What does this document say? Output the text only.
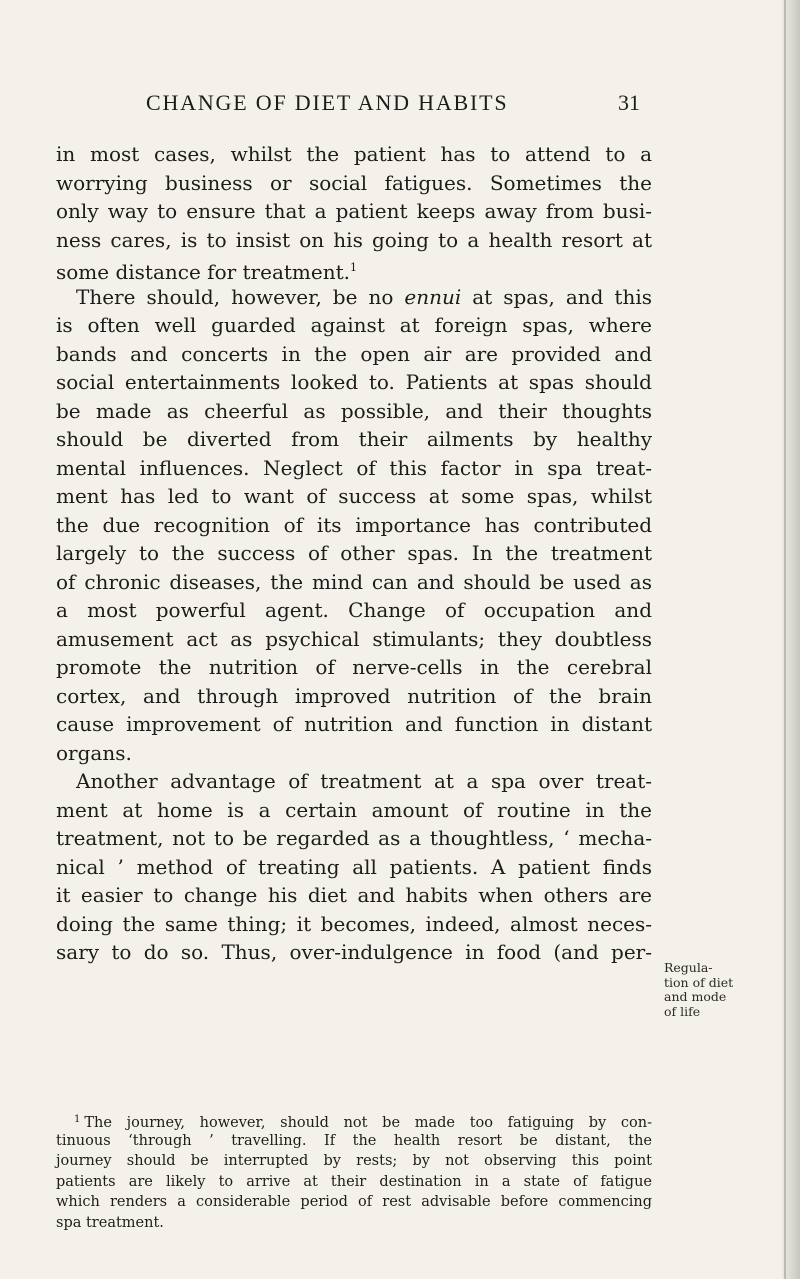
CHANGE OF DIET AND HABITS	31
in most cases, whilst the patient has to attend to a
worrying business or social fatigues. Sometimes the
only way to ensure that a patient keeps away from busi-
ness cares, is to insist on his going to a health resort at
some distance for treatment.$^1$
There should, however, be no ennui at spas, and this
is often well guarded against at foreign spas, where
bands and concerts in the open air are provided and
social entertainments looked to. Patients at spas should
be made as cheerful as possible, and their thoughts
should be diverted from their ailments by healthy
mental influences. Neglect of this factor in spa treat-
ment has led to want of success at some spas, whilst
the due recognition of its importance has contributed
largely to the success of other spas. In the treatment
of chronic diseases, the mind can and should be used as
a most powerful agent. Change of occupation and
amusement act as psychical stimulants; they doubtless
promote the nutrition of nerve-cells in the cerebral
cortex, and through improved nutrition of the brain
cause improvement of nutrition and function in distant
organs.
Another advantage of treatment at a spa over treat-
ment at home is a certain amount of routine in the
treatment, not to be regarded as a thoughtless, ‘ mecha-
nical ’ method of treating all patients. A patient finds
it easier to change his diet and habits when others are
doing the same thing; it becomes, indeed, almost neces-
sary to do so. Thus, over-indulgence in food (and per-
Regula-
tion of diet
and mode
of life
$^1$ The journey, however, should not be made too fatiguing by con-
tinuous ‘through ’ travelling. If the health resort be distant, the
journey should be interrupted by rests; by not observing this point
patients are likely to arrive at their destination in a state of fatigue
which renders a considerable period of rest advisable before commencing
spa treatment.
